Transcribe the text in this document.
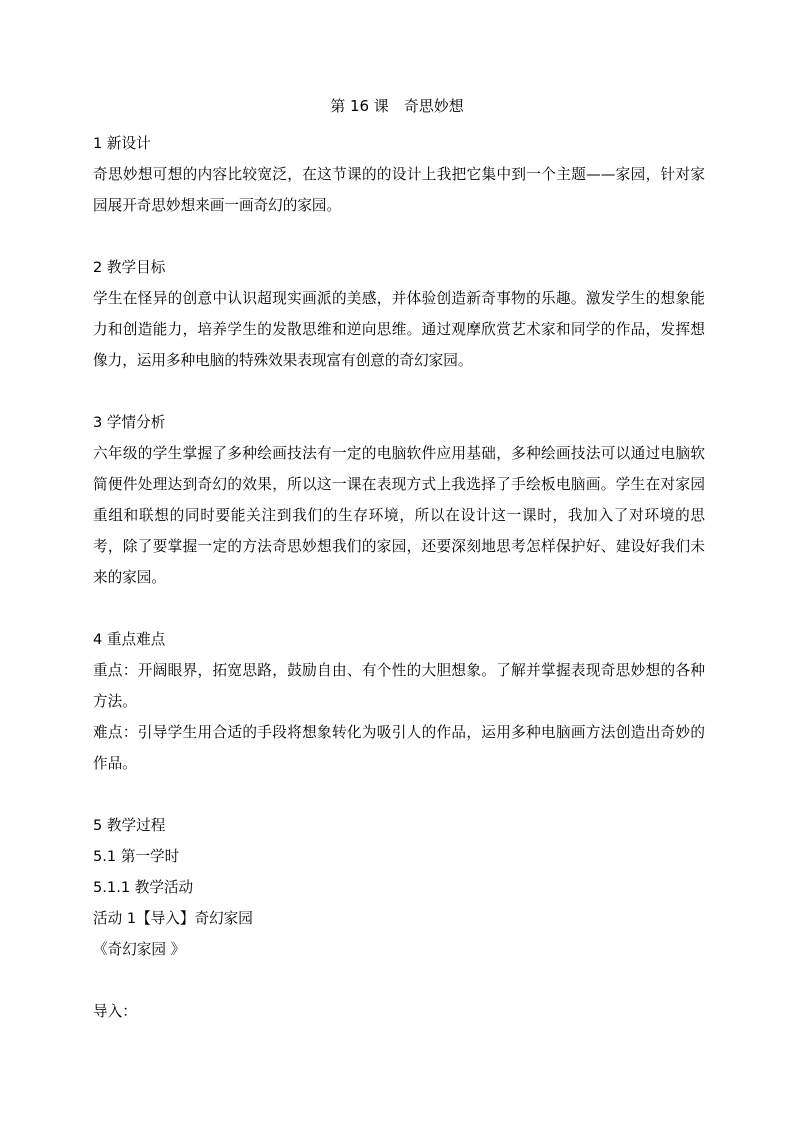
第 16 课　奇思妙想

1 新设计

奇思妙想可想的内容比较宽泛，在这节课的的设计上我把它集中到一个主题——家园，针对家园展开奇思妙想来画一画奇幻的家园。

2 教学目标

学生在怪异的创意中认识超现实画派的美感，并体验创造新奇事物的乐趣。激发学生的想象能力和创造能力，培养学生的发散思维和逆向思维。通过观摩欣赏艺术家和同学的作品，发挥想像力，运用多种电脑的特殊效果表现富有创意的奇幻家园。

3 学情分析

六年级的学生掌握了多种绘画技法有一定的电脑软件应用基础，多种绘画技法可以通过电脑软简便件处理达到奇幻的效果，所以这一课在表现方式上我选择了手绘板电脑画。学生在对家园重组和联想的同时要能关注到我们的生存环境，所以在设计这一课时，我加入了对环境的思考，除了要掌握一定的方法奇思妙想我们的家园，还要深刻地思考怎样保护好、建设好我们未来的家园。

4 重点难点

重点：开阔眼界，拓宽思路，鼓励自由、有个性的大胆想象。了解并掌握表现奇思妙想的各种方法。

难点：引导学生用合适的手段将想象转化为吸引人的作品，运用多种电脑画方法创造出奇妙的作品。

5 教学过程

5.1 第一学时

5.1.1 教学活动

活动 1【导入】奇幻家园

《奇幻家园 》

导入：
